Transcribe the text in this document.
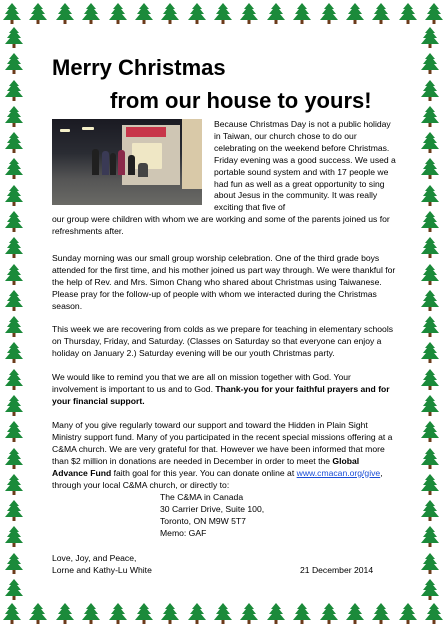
Merry Christmas
from our house to yours!

Because Christmas Day is not a public holiday in Taiwan, our church chose to do our celebrating on the weekend before Christmas. Friday evening was a good success. We used a portable sound system and with 17 people we had fun as well as a great opportunity to sing about Jesus in the community. It was really exciting that five of

our group were children with whom we are working and some of the parents joined us for refreshments after.

Sunday morning was our small group worship celebration. One of the third grade boys attended for the first time, and his mother joined us part way through. We were thankful for the help of Rev. and Mrs. Simon Chang who shared about Christmas using Taiwanese. Please pray for the follow-up of people with whom we interacted during the Christmas season.

This week we are recovering from colds as we prepare for teaching in elementary schools on Thursday, Friday, and Saturday. (Classes on Saturday so that everyone can enjoy a holiday on January 2.) Saturday evening will be our youth Christmas party.

We would like to remind you that we are all on mission together with God. Your involvement is important to us and to God. Thank-you for your faithful prayers and for your financial support.

Many of you give regularly toward our support and toward the Hidden in Plain Sight Ministry support fund. Many of you participated in the recent special missions offering at a C&MA church. We are very grateful for that. However we have been informed that more than $2 million in donations are needed in December in order to meet the Global Advance Fund faith goal for this year. You can donate online at www.cmacan.org/give, through your local C&MA church, or directly to:

The C&MA in Canada
30 Carrier Drive, Suite 100,
Toronto, ON M9W 5T7
Memo: GAF
Love, Joy, and Peace,
Lorne and Kathy-Lu White	21 December 2014
